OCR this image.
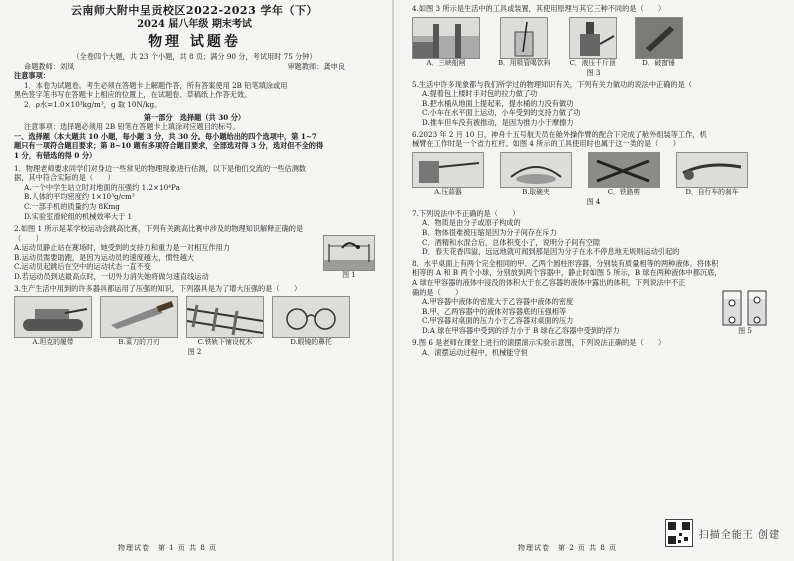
云南师大附中呈贡校区2022-2023 学年（下）
2024 届八年级 期末考试
物理 试题卷
（全卷四个大题，共 23 个小题，共 8 页；满分 90 分，考试用时 75 分钟）
命题教师：刘凤	审题教师：龚申良
注意事项：
1．本卷为试题卷。考生必须在答题卡上解题作答，所有答案使用 2B 铅笔填涂或用
黑色签字笔书写在答题卡上相应的位置上，在试题卷、草稿纸上作答无效。
2．ρ水=1.0×10³kg/m³，g 取 10N/kg。
第一部分　选择题（共 30 分）
注意事项：选择题必须用 2B 铅笔在答题卡上填涂对应题目的标号。
一、选择题（本大题共 10 小题，每小题 3 分，共 30 分。每小题给出的四个选项中，第 1~7
题只有一项符合题目要求；第 8~10 题有多项符合题目要求，全部选对得 3 分，选对但不全的得
1 分，有错选的得 0 分）
1．物理老师要求同学们对身边一些常见的物理现象进行估测，以下是他们交流的一些估测数
据，其中符合实际的是（　　）
A.一个中学生站立时对地面的压强约 1.2×10⁴Pa
B.人体的平均密度约 1×10³g/cm³
C.一部手机的质量约为 8Kmg
D.实验室滑轮组的机械效率大于 1
2.如图 1 所示是某学校运动会跳高比赛，下列有关跳高比赛中涉及的物理知识解释正确的是
（　　）
A.运动员静止站在赛场时，她受到的支持力和重力是一对相互作用力
B.运动员需要助跑，是因为运动员的速度越大，惯性越大
C.运动员起跳后在空中的运动状态一直不变
D.若运动员到达最高点时，一切外力消失她将做匀速直线运动	图 1
3.生产生活中用到的许多器具都运用了压强的知识，下列器具是为了增大压强的是（　　）
A.坦克的履带	B.菜刀的刀刃	C.铁轨下铺设枕木	D.眼镜的鼻托
图 2
物理试卷　第 1 页 共 8 页
4.如图 3 所示是生活中的工具或装置，其使用原理与其它三种不同的是（　　）
A．三峡船闸	B．用吸管喝饮料	C．液压千斤顶	D．破窗锤
图 3
5.生活中许多现象都与我们所学过的物理知识有关，下列有关力做功的说法中正确的是（
A.提着包上楼时手对包的拉力做了功
B.把水桶从地面上提起来，提水桶的力没有做功
C.小车在水平面上运动，小车受到的支持力做了功
D.推车但车没有被推动，是因为推力小于摩擦力
6.2023 年 2 月 10 日，神舟十五号航天员在舱外操作臂的配合下完成了舱外组装等工作，机
械臂在工作时是一个省力杠杆。如图 4 所示的工具使用时也属于这一类的是（　　）
A.压蒜器	B.取碗夹	C．铁路剪	D．自行车的刹车
图 4
7.下列说法中不正确的是（　　）
A．物质是由分子或原子构成的
B．物体很难被压缩是因为分子间存在斥力
C．酒精和水混合后，总体积变小了，说明分子间有空隙
D．春天花香四溢，远远地就可闻到那是因为分子在永不停息地无规则运动引起的
8．水平桌面上有两个完全相同的甲、乙两个圆柱形容器，分别装有质量相等的两种液体，将体积
相等的 A 和 B 两个小球，分别放到两个容器中，静止时如图 5 所示，B 球在两种液体中都沉底，
A 球在甲容器的液体中浸没的体积大于在乙容器的液体中露出的体积，下列说法中不正
确的是（　　）
A.甲容器中液体的密度大于乙容器中液体的密度
B.甲、乙两容器中的液体对容器底的压强相等
C.甲容器对桌面的压力小于乙容器对桌面的压力
D.A 球在甲容器中受到的浮力小于 B 球在乙容器中受到的浮力	图 5
9.图 6 是老师在课堂上进行的滚摆演示实验示意图，下列说法正确的是（　　）
A．滚摆运动过程中，机械能守恒
物理试卷　第 2 页 共 8 页
扫描全能王 创建
